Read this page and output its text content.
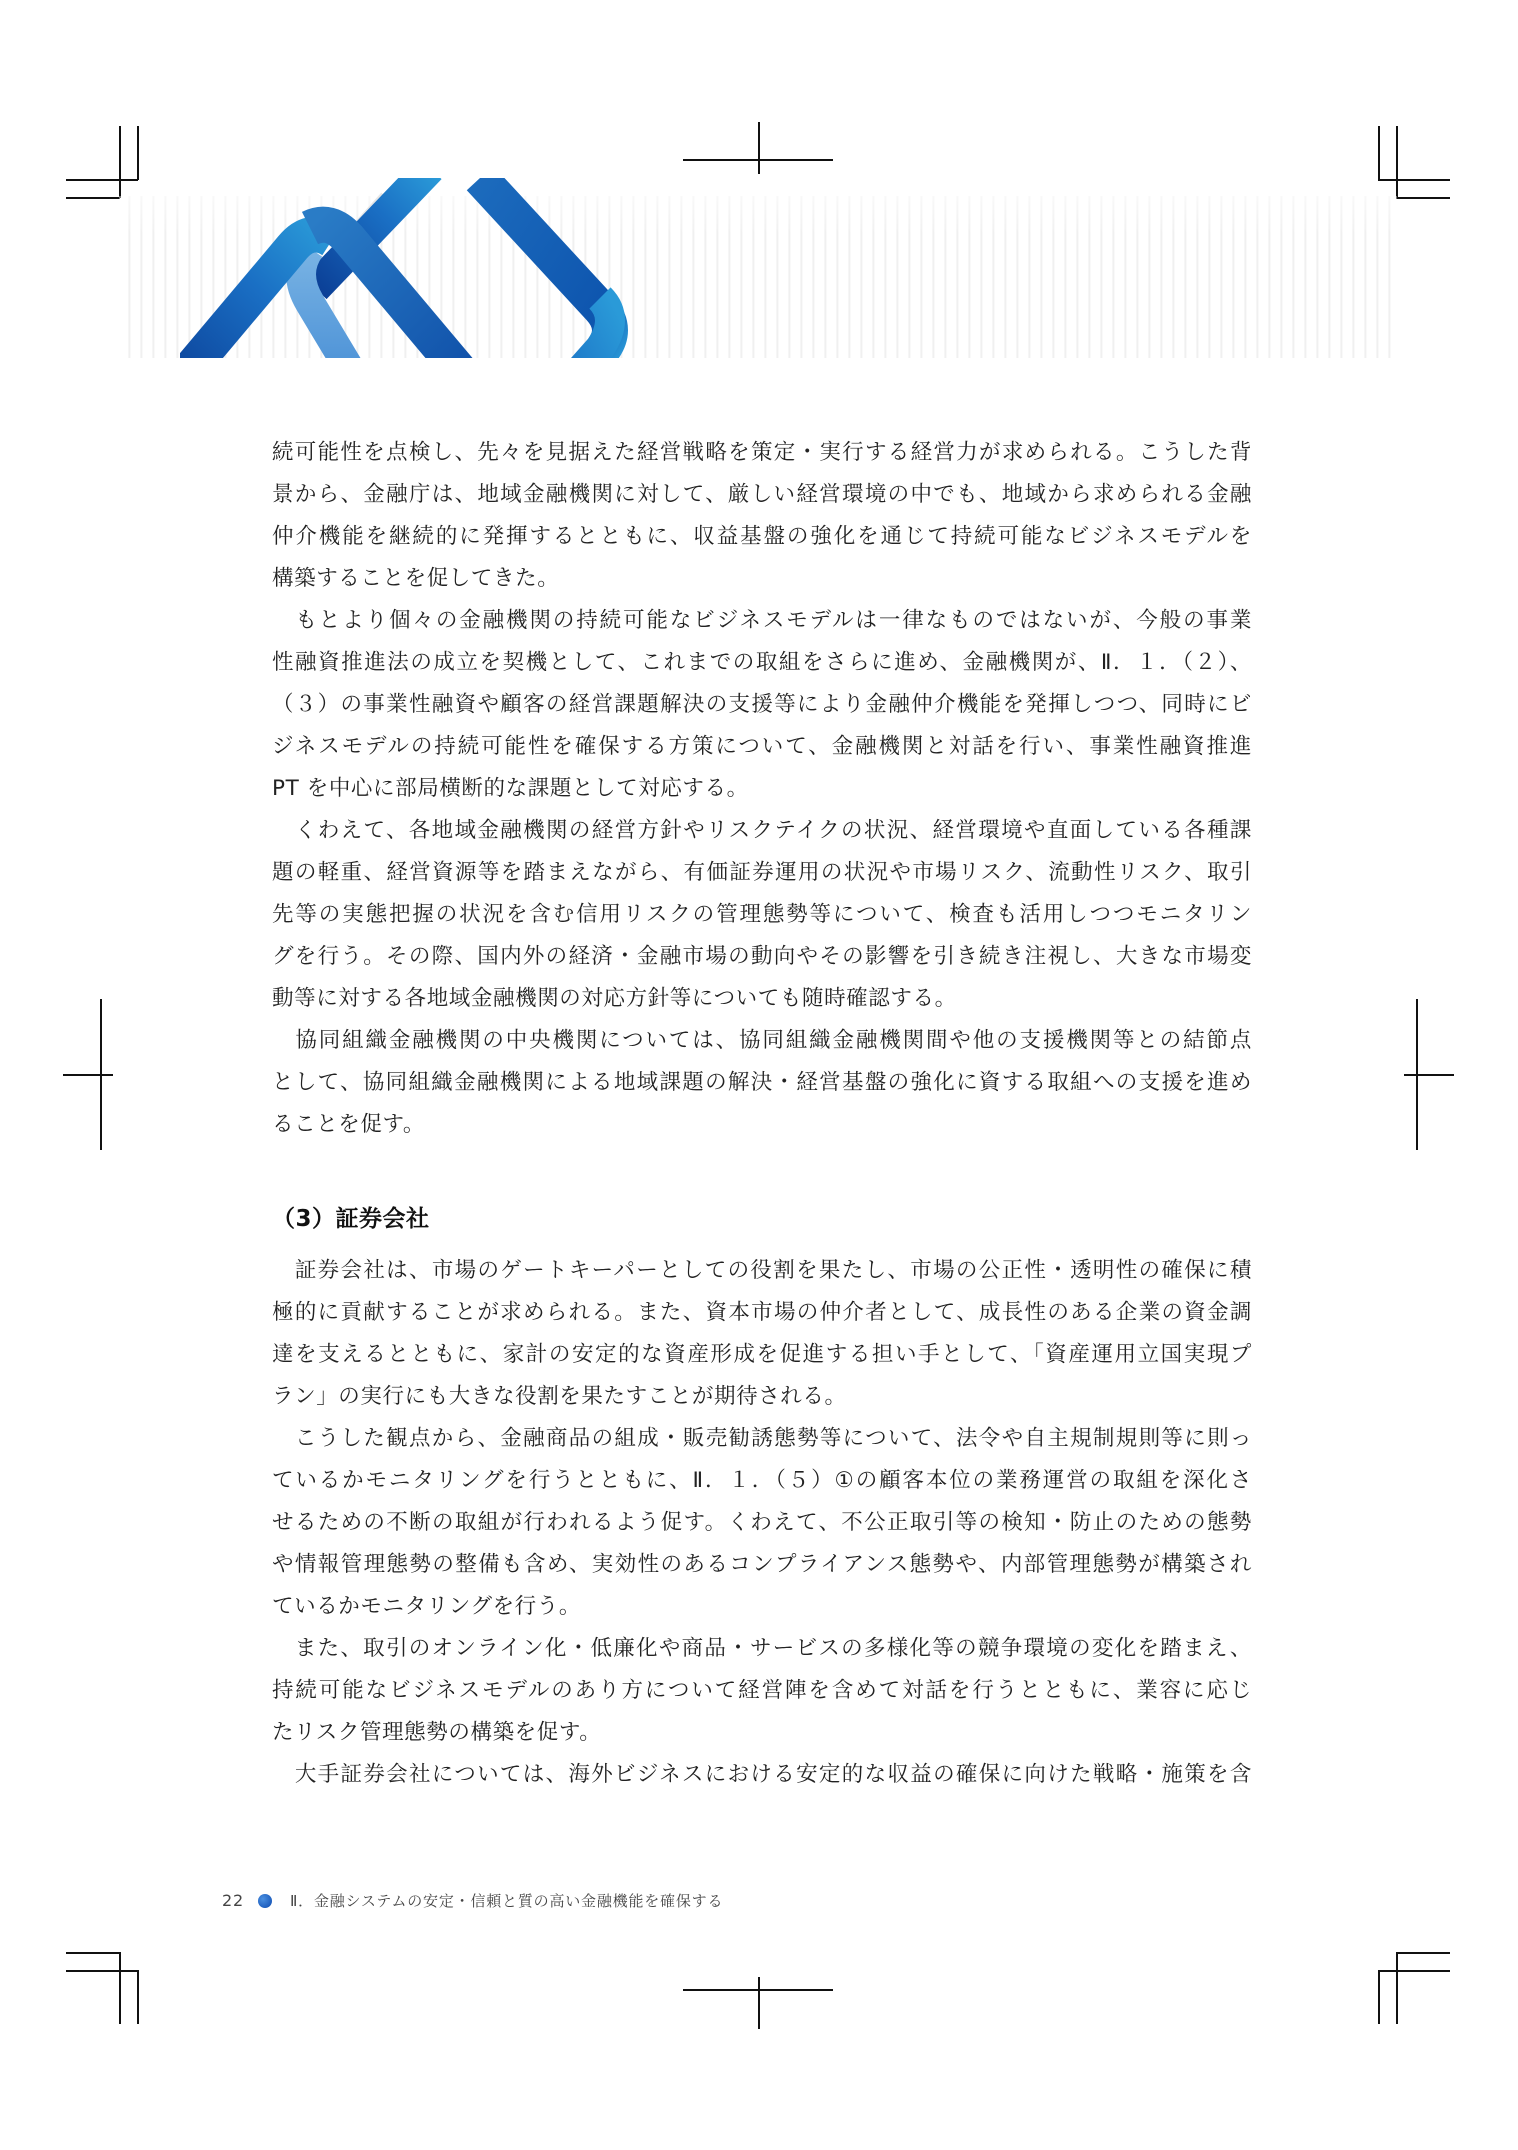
続可能性を点検し、先々を見据えた経営戦略を策定・実行する経営力が求められる。こうした背
景から、金融庁は、地域金融機関に対して、厳しい経営環境の中でも、地域から求められる金融
仲介機能を継続的に発揮するとともに、収益基盤の強化を通じて持続可能なビジネスモデルを
構築することを促してきた。

　もとより個々の金融機関の持続可能なビジネスモデルは一律なものではないが、今般の事業
性融資推進法の成立を契機として、これまでの取組をさらに進め、金融機関が、Ⅱ．１．（２）、
（３）の事業性融資や顧客の経営課題解決の支援等により金融仲介機能を発揮しつつ、同時にビ
ジネスモデルの持続可能性を確保する方策について、金融機関と対話を行い、事業性融資推進
PT を中心に部局横断的な課題として対応する。

　くわえて、各地域金融機関の経営方針やリスクテイクの状況、経営環境や直面している各種課
題の軽重、経営資源等を踏まえながら、有価証券運用の状況や市場リスク、流動性リスク、取引
先等の実態把握の状況を含む信用リスクの管理態勢等について、検査も活用しつつモニタリン
グを行う。その際、国内外の経済・金融市場の動向やその影響を引き続き注視し、大きな市場変
動等に対する各地域金融機関の対応方針等についても随時確認する。

　協同組織金融機関の中央機関については、協同組織金融機関間や他の支援機関等との結節点
として、協同組織金融機関による地域課題の解決・経営基盤の強化に資する取組への支援を進め
ることを促す。

（3）証券会社

　証券会社は、市場のゲートキーパーとしての役割を果たし、市場の公正性・透明性の確保に積
極的に貢献することが求められる。また、資本市場の仲介者として、成長性のある企業の資金調
達を支えるとともに、家計の安定的な資産形成を促進する担い手として、「資産運用立国実現プ
ラン」の実行にも大きな役割を果たすことが期待される。

　こうした観点から、金融商品の組成・販売勧誘態勢等について、法令や自主規制規則等に則っ
ているかモニタリングを行うとともに、Ⅱ．１．（５）①の顧客本位の業務運営の取組を深化さ
せるための不断の取組が行われるよう促す。くわえて、不公正取引等の検知・防止のための態勢
や情報管理態勢の整備も含め、実効性のあるコンプライアンス態勢や、内部管理態勢が構築され
ているかモニタリングを行う。

　また、取引のオンライン化・低廉化や商品・サービスの多様化等の競争環境の変化を踏まえ、
持続可能なビジネスモデルのあり方について経営陣を含めて対話を行うとともに、業容に応じ
たリスク管理態勢の構築を促す。

　大手証券会社については、海外ビジネスにおける安定的な収益の確保に向けた戦略・施策を含

22	Ⅱ．金融システムの安定・信頼と質の高い金融機能を確保する
